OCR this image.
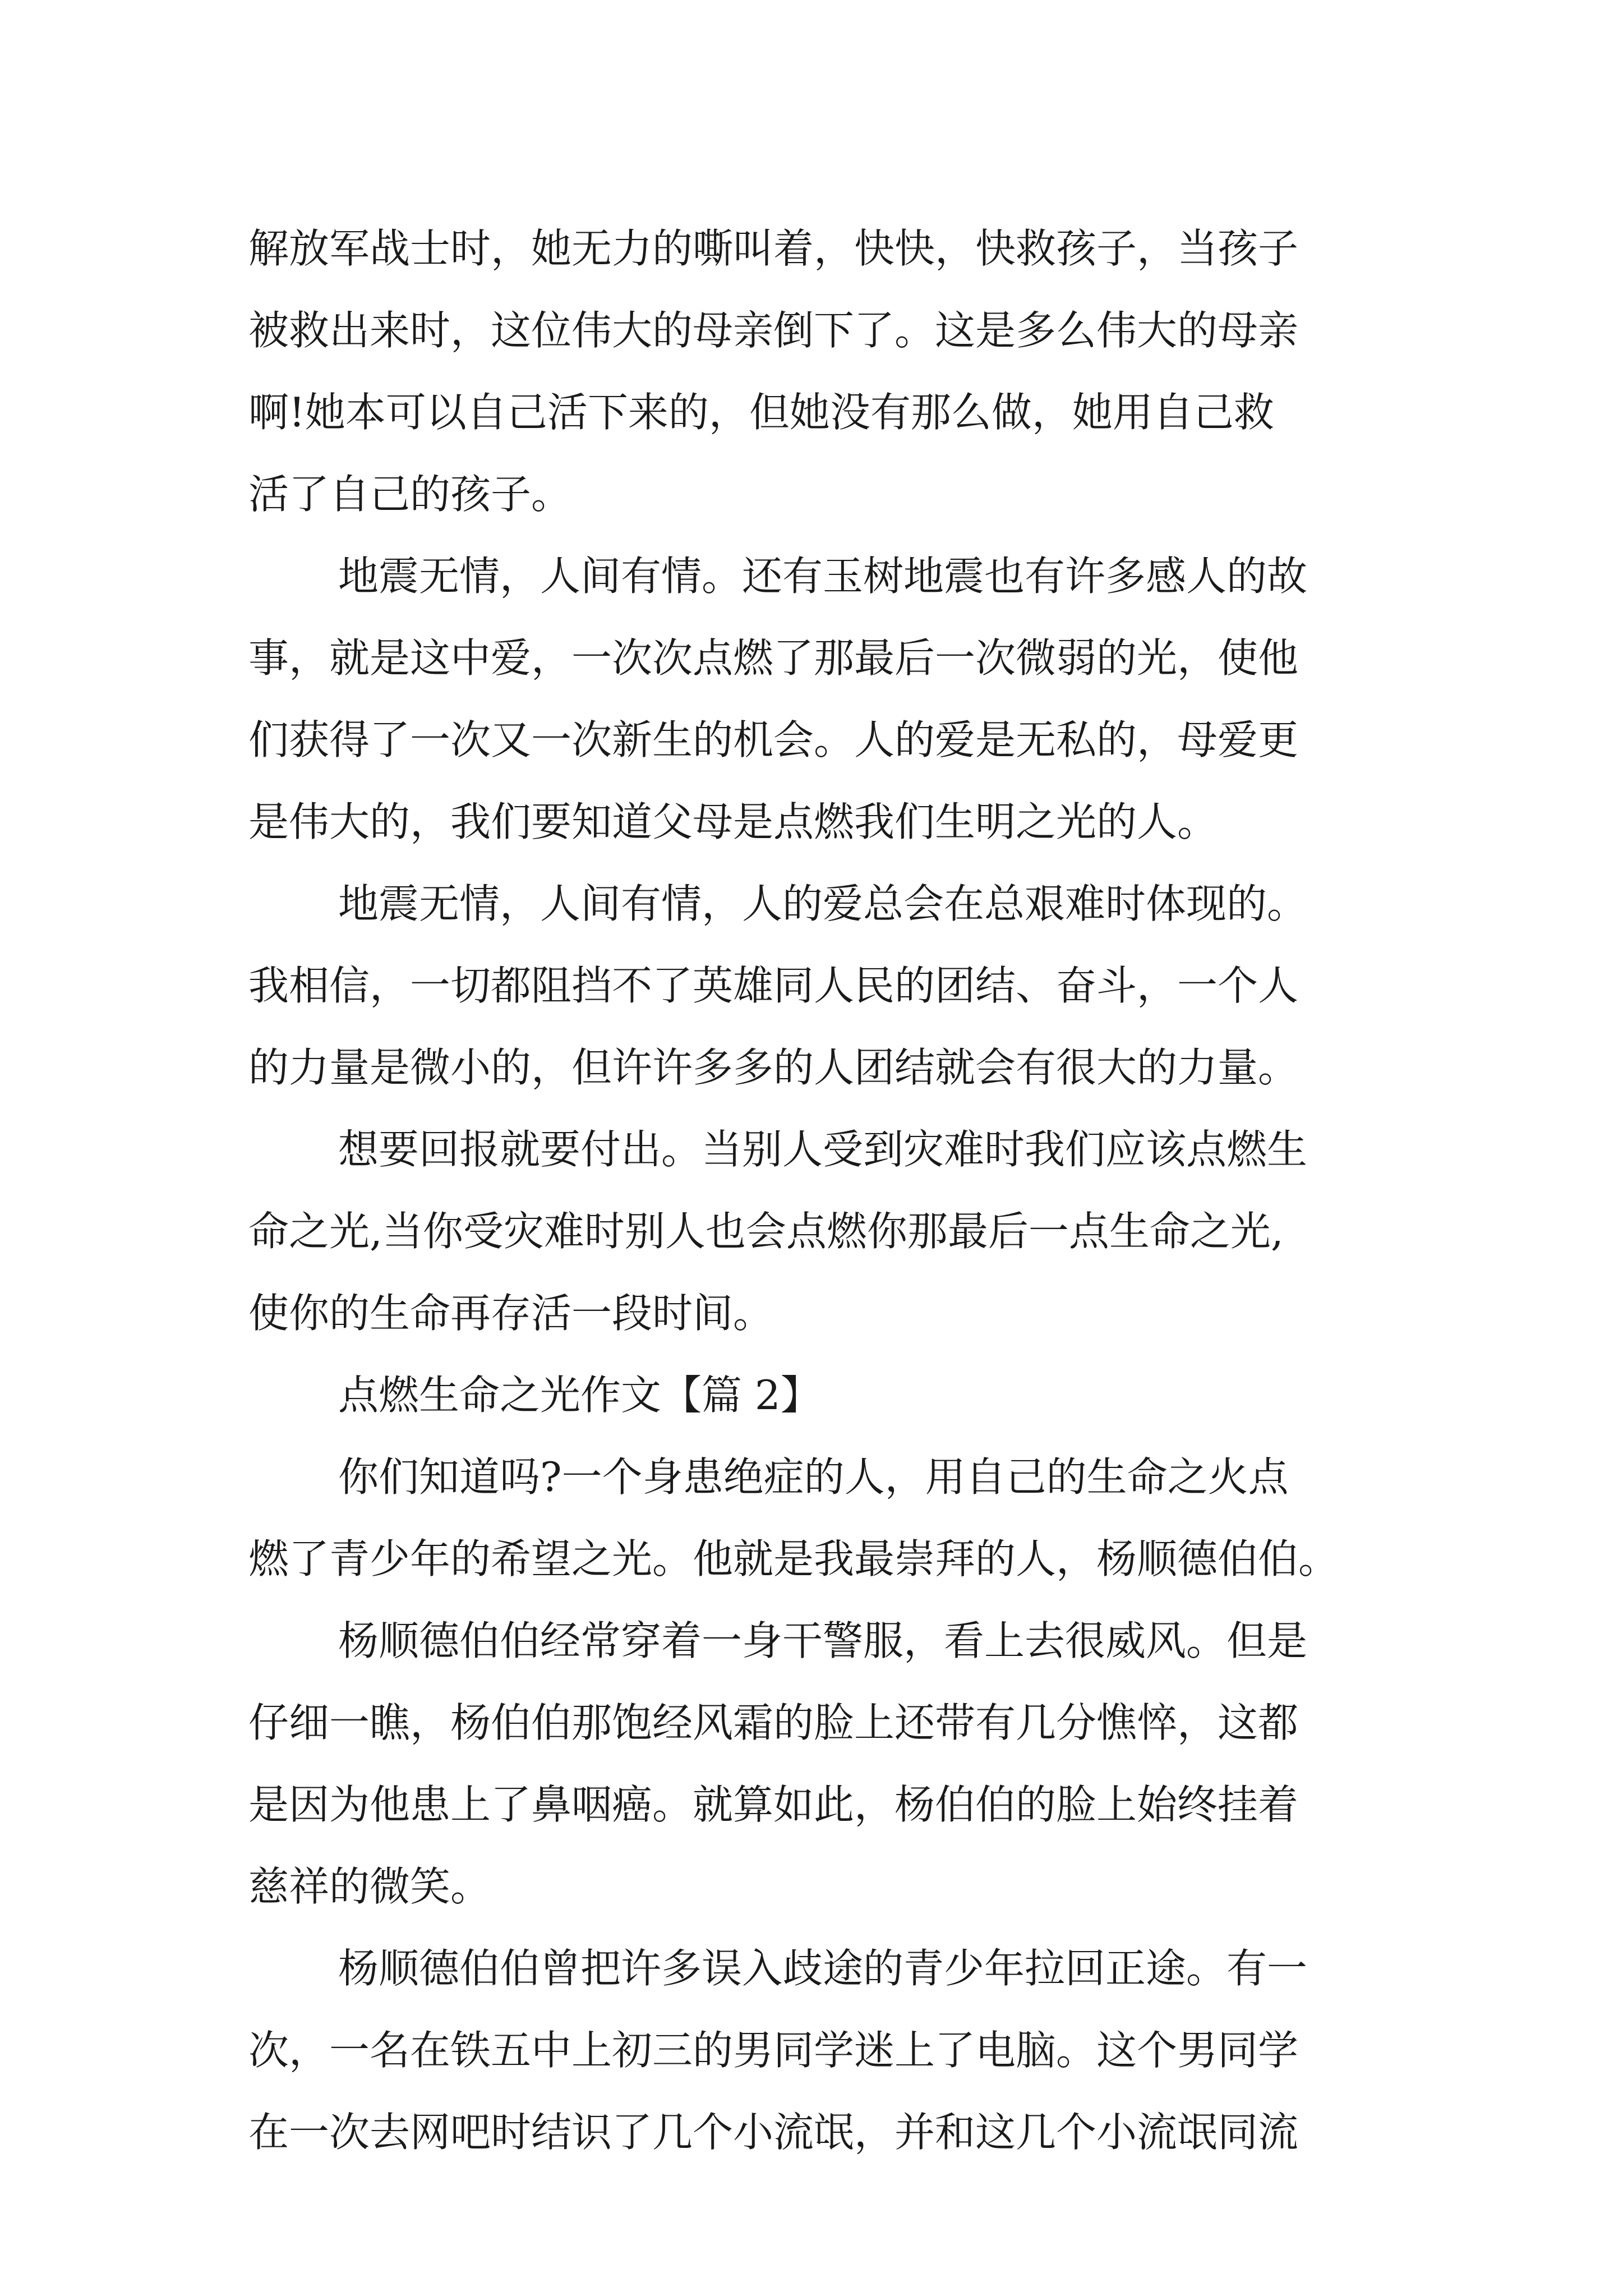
解放军战士时，她无力的嘶叫着，快快，快救孩子，当孩子
被救出来时，这位伟大的母亲倒下了。这是多么伟大的母亲
啊!她本可以自己活下来的，但她没有那么做，她用自己救
活了自己的孩子。
地震无情，人间有情。还有玉树地震也有许多感人的故
事，就是这中爱，一次次点燃了那最后一次微弱的光，使他
们获得了一次又一次新生的机会。人的爱是无私的，母爱更
是伟大的，我们要知道父母是点燃我们生明之光的人。
地震无情，人间有情，人的爱总会在总艰难时体现的。
我相信，一切都阻挡不了英雄同人民的团结、奋斗，一个人
的力量是微小的，但许许多多的人团结就会有很大的力量。
想要回报就要付出。当别人受到灾难时我们应该点燃生
命之光,当你受灾难时别人也会点燃你那最后一点生命之光,
使你的生命再存活一段时间。
点燃生命之光作文【篇 2】
你们知道吗?一个身患绝症的人，用自己的生命之火点
燃了青少年的希望之光。他就是我最崇拜的人，杨顺德伯伯。
杨顺德伯伯经常穿着一身干警服，看上去很威风。但是
仔细一瞧，杨伯伯那饱经风霜的脸上还带有几分憔悴，这都
是因为他患上了鼻咽癌。就算如此，杨伯伯的脸上始终挂着
慈祥的微笑。
杨顺德伯伯曾把许多误入歧途的青少年拉回正途。有一
次，一名在铁五中上初三的男同学迷上了电脑。这个男同学
在一次去网吧时结识了几个小流氓，并和这几个小流氓同流
